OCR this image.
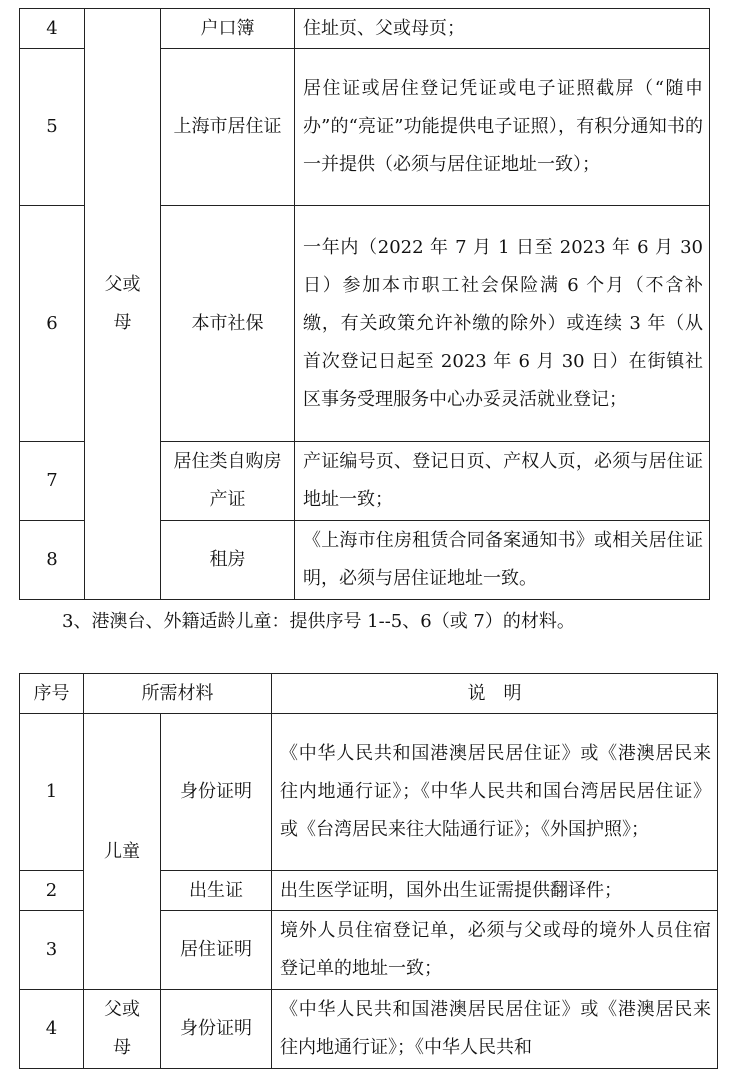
4	父或母	户口簿	住址页、父或母页；
5		上海市居住证	居住证或居住登记凭证或电子证照截屏（“随申办”的“亮证”功能提供电子证照），有积分通知书的一并提供（必须与居住证地址一致）；
6		本市社保	一年内（2022 年 7 月 1 日至 2023 年 6 月 30 日）参加本市职工社会保险满 6 个月（不含补缴，有关政策允许补缴的除外）或连续 3 年（从首次登记日起至 2023 年 6 月 30 日）在街镇社区事务受理服务中心办妥灵活就业登记；
7		居住类自购房产证	产证编号页、登记日页、产权人页，必须与居住证地址一致；
8		租房	《上海市住房租赁合同备案通知书》或相关居住证明，必须与居住证地址一致。
3、港澳台、外籍适龄儿童：提供序号 1--5、6（或 7）的材料。
序号	所需材料		说　明
1	儿童	身份证明	《中华人民共和国港澳居民居住证》或《港澳居民来往内地通行证》；《中华人民共和国台湾居民居住证》或《台湾居民来往大陆通行证》；《外国护照》；
2		出生证	出生医学证明，国外出生证需提供翻译件；
3		居住证明	境外人员住宿登记单，必须与父或母的境外人员住宿登记单的地址一致；
4	父或母	身份证明	《中华人民共和国港澳居民居住证》或《港澳居民来往内地通行证》；《中华人民共和
